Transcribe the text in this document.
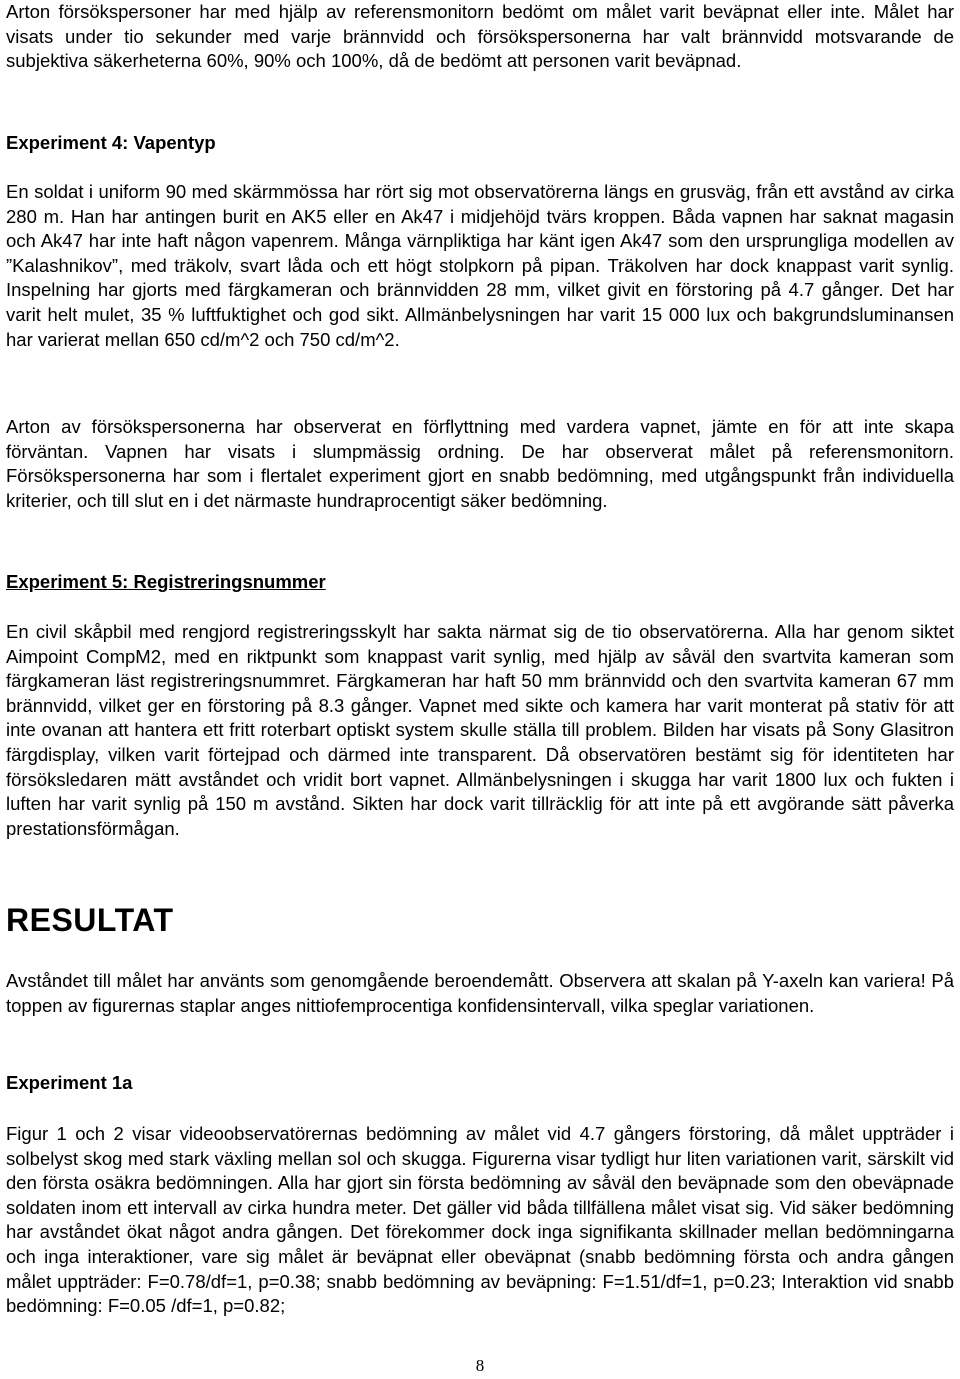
Arton försökspersoner har med hjälp av referensmonitorn bedömt om målet varit beväpnat eller inte. Målet har visats under tio sekunder med varje brännvidd och försökspersonerna har valt brännvidd motsvarande de subjektiva säkerheterna 60%, 90% och 100%, då de bedömt att personen varit beväpnad.

Experiment 4: Vapentyp

En soldat i uniform 90 med skärmmössa har rört sig mot observatörerna längs en grusväg, från ett avstånd av cirka 280 m. Han har antingen burit en AK5 eller en Ak47 i midjehöjd tvärs kroppen. Båda vapnen har saknat magasin och Ak47 har inte haft någon vapenrem. Många värnpliktiga har känt igen Ak47 som den ursprungliga modellen av ”Kalashnikov”, med träkolv, svart låda och ett högt stolpkorn på pipan. Träkolven har dock knappast varit synlig. Inspelning har gjorts med färgkameran och brännvidden 28 mm, vilket givit en förstoring på 4.7 gånger. Det har varit helt mulet, 35 % luftfuktighet och god sikt. Allmänbelysningen har varit 15 000 lux och bakgrundsluminansen har varierat mellan 650 cd/m^2 och 750 cd/m^2.

Arton av försökspersonerna har observerat en förflyttning med vardera vapnet, jämte en för att inte skapa förväntan. Vapnen har visats i slumpmässig ordning. De har observerat målet på referensmonitorn. Försökspersonerna har som i flertalet experiment gjort en snabb bedömning, med utgångspunkt från individuella kriterier, och till slut en i det närmaste hundraprocentigt säker bedömning.

Experiment 5: Registreringsnummer

En civil skåpbil med rengjord registreringsskylt har sakta närmat sig de tio observatörerna. Alla har genom siktet Aimpoint CompM2, med en riktpunkt som knappast varit synlig, med hjälp av såväl den svartvita kameran som färgkameran läst registreringsnummret. Färgkameran har haft 50 mm brännvidd och den svartvita kameran 67 mm brännvidd, vilket ger en förstoring på 8.3 gånger. Vapnet med sikte och kamera har varit monterat på stativ för att inte ovanan att hantera ett fritt roterbart optiskt system skulle ställa till problem. Bilden har visats på Sony Glasitron färgdisplay, vilken varit förtejpad och därmed inte transparent. Då observatören bestämt sig för identiteten har försöksledaren mätt avståndet och vridit bort vapnet. Allmänbelysningen i skugga har varit 1800 lux och fukten i luften har varit synlig på 150 m avstånd. Sikten har dock varit tillräcklig för att inte på ett avgörande sätt påverka prestationsförmågan.

RESULTAT

Avståndet till målet har använts som genomgående beroendemått. Observera att skalan på Y-axeln kan variera! På toppen av figurernas staplar anges nittiofemprocentiga konfidensintervall, vilka speglar variationen.

Experiment 1a

Figur 1 och 2 visar videoobservatörernas bedömning av målet vid 4.7 gångers förstoring, då målet uppträder i solbelyst skog med stark växling mellan sol och skugga. Figurerna visar tydligt hur liten variationen varit, särskilt vid den första osäkra bedömningen. Alla har gjort sin första bedömning av såväl den beväpnade som den obeväpnade soldaten inom ett intervall av cirka hundra meter. Det gäller vid båda tillfällena målet visat sig. Vid säker bedömning har avståndet ökat något andra gången. Det förekommer dock inga signifikanta skillnader mellan bedömningarna och inga interaktioner, vare sig målet är beväpnat eller obeväpnat (snabb bedömning första och andra gången målet uppträder: F=0.78/df=1, p=0.38; snabb bedömning av beväpning: F=1.51/df=1, p=0.23; Interaktion vid snabb bedömning: F=0.05 /df=1, p=0.82;

8
